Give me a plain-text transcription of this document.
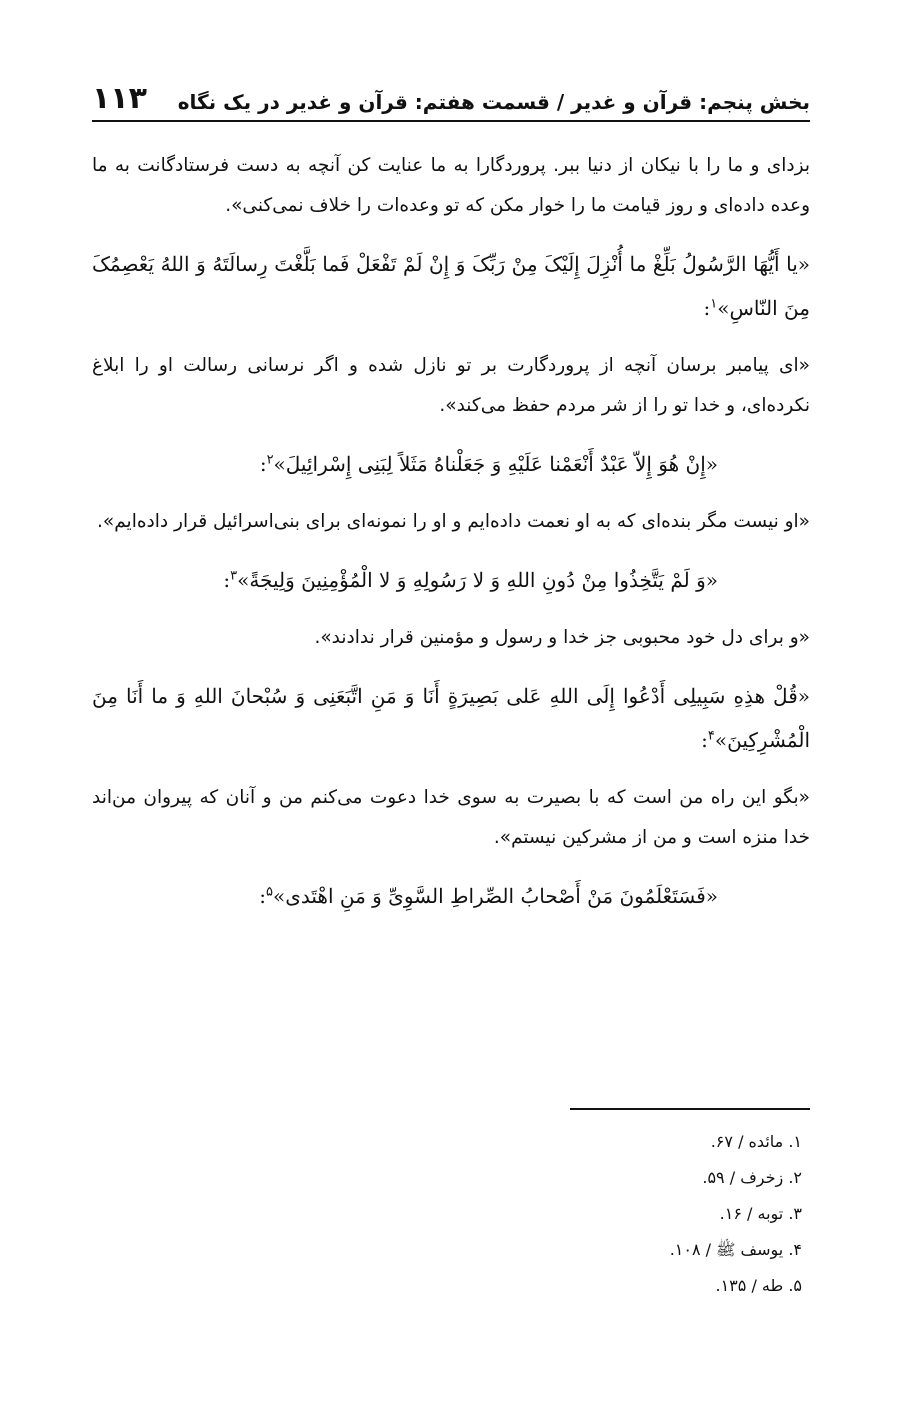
بخش پنجم: قرآن و غدیر / قسمت هفتم: قرآن و غدیر در یک نگاه
۱۱۳

بزدای و ما را با نیکان از دنیا ببر. پروردگارا به ما عنایت کن آنچه به دست فرستادگانت به ما وعده داده‌ای و روز قیامت ما را خوار مکن که تو وعده‌ات را خلاف نمی‌کنی».

«یا أَیُّهَا الرَّسُولُ بَلِّغْ ما أُنْزِلَ إِلَیْکَ مِنْ رَبِّکَ وَ إِنْ لَمْ تَفْعَلْ فَما بَلَّغْتَ رِسالَتَهُ وَ اللهُ یَعْصِمُکَ مِنَ النّاسِ»$^۱$:

«ای پیامبر برسان آنچه از پروردگارت بر تو نازل شده و اگر نرسانی رسالت او را ابلاغ نکرده‌ای، و خدا تو را از شر مردم حفظ می‌کند».

«إِنْ هُوَ إِلاّ عَبْدٌ أَنْعَمْنا عَلَیْهِ وَ جَعَلْناهُ مَثَلاً لِبَنِی إِسْرائِیلَ»$^۲$:

«او نیست مگر بنده‌ای که به او نعمت داده‌ایم و او را نمونه‌ای برای بنی‌اسرائیل قرار داده‌ایم».

«وَ لَمْ یَتَّخِذُوا مِنْ دُونِ اللهِ وَ لا رَسُولِهِ وَ لا الْمُؤْمِنِینَ وَلِیجَةً»$^۳$:

«و برای دل خود محبوبی جز خدا و رسول و مؤمنین قرار ندادند».

«قُلْ هذِهِ سَبِیلِی أَدْعُوا إِلَی اللهِ عَلی بَصِیرَةٍ أَنَا وَ مَنِ اتَّبَعَنِی وَ سُبْحانَ اللهِ وَ ما أَنَا مِنَ الْمُشْرِکِینَ»$^۴$:

«بگو این راه من است که با بصیرت به سوی خدا دعوت می‌کنم من و آنان که پیروان من‌اند خدا منزه است و من از مشرکین نیستم».

«فَسَتَعْلَمُونَ مَنْ أَصْحابُ الصِّراطِ السَّوِیِّ وَ مَنِ اهْتَدی»$^۵$:

۱. مائده / ۶۷.
۲. زخرف / ۵۹.
۳. توبه / ۱۶.
۴. یوسف ﷺ / ۱۰۸.
۵. طه / ۱۳۵.
